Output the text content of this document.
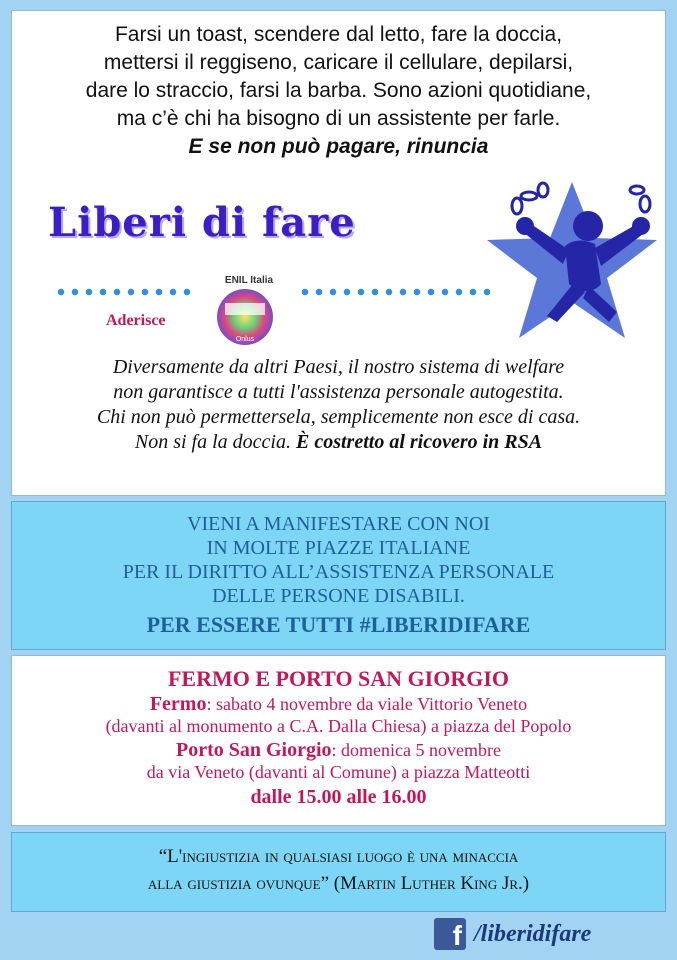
Farsi un toast, scendere dal letto, fare la doccia,
mettersi il reggiseno, caricare il cellulare, depilarsi,
dare lo straccio, farsi la barba. Sono azioni quotidiane,
ma c’è chi ha bisogno di un assistente per farle.
E se non può pagare, rinuncia
Liberi di fare
Aderisce
ENIL Italia
Onlus
Diversamente da altri Paesi, il nostro sistema di welfare
non garantisce a tutti l'assistenza personale autogestita.
Chi non può permettersela, semplicemente non esce di casa.
Non si fa la doccia. È costretto al ricovero in RSA
VIENI A MANIFESTARE CON NOI
IN MOLTE PIAZZE ITALIANE
PER IL DIRITTO ALL’ASSISTENZA PERSONALE
DELLE PERSONE DISABILI.
PER ESSERE TUTTI #LIBERIDIFARE
FERMO E PORTO SAN GIORGIO
Fermo: sabato 4 novembre da viale Vittorio Veneto
(davanti al monumento a C.A. Dalla Chiesa) a piazza del Popolo
Porto San Giorgio: domenica 5 novembre
da via Veneto (davanti al Comune) a piazza Matteotti
dalle 15.00 alle 16.00
“L'ingiustizia in qualsiasi luogo è una minaccia
alla giustizia ovunque” (Martin Luther King Jr.)
f /liberidifare
